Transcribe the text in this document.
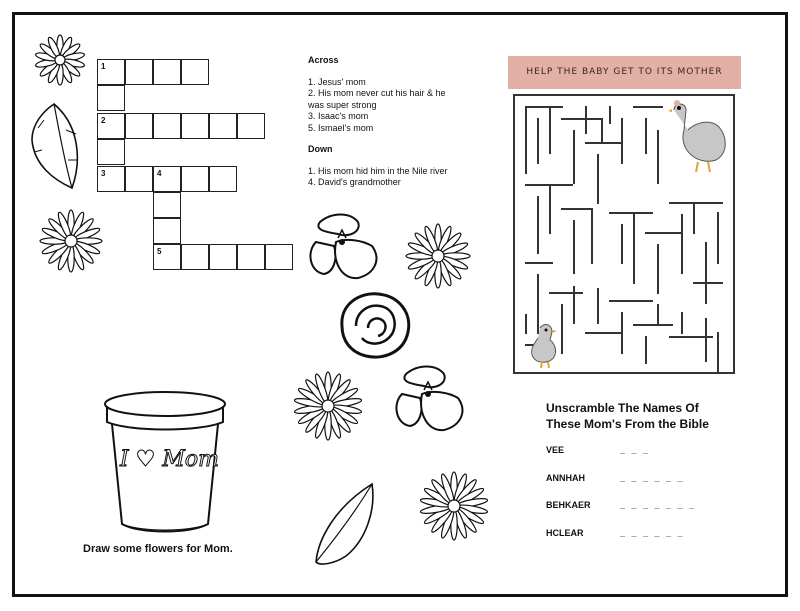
1
2
3	4
5
Across
1. Jesus' mom
2. His mom never cut his hair & he
was super strong
3. Isaac's mom
5. Ismael's mom
Down
1. His mom hid him in the Nile river
4. David's grandmother
I ♥ Mom
HELP THE BABY GET TO ITS MOTHER
Unscramble The Names Of
These Mom's From the Bible
VEE	_ _ _
ANNHAH	_ _ _ _ _ _
BEHKAER	_ _ _ _ _ _ _
HCLEAR	_ _ _ _ _ _
Draw some flowers for Mom.
